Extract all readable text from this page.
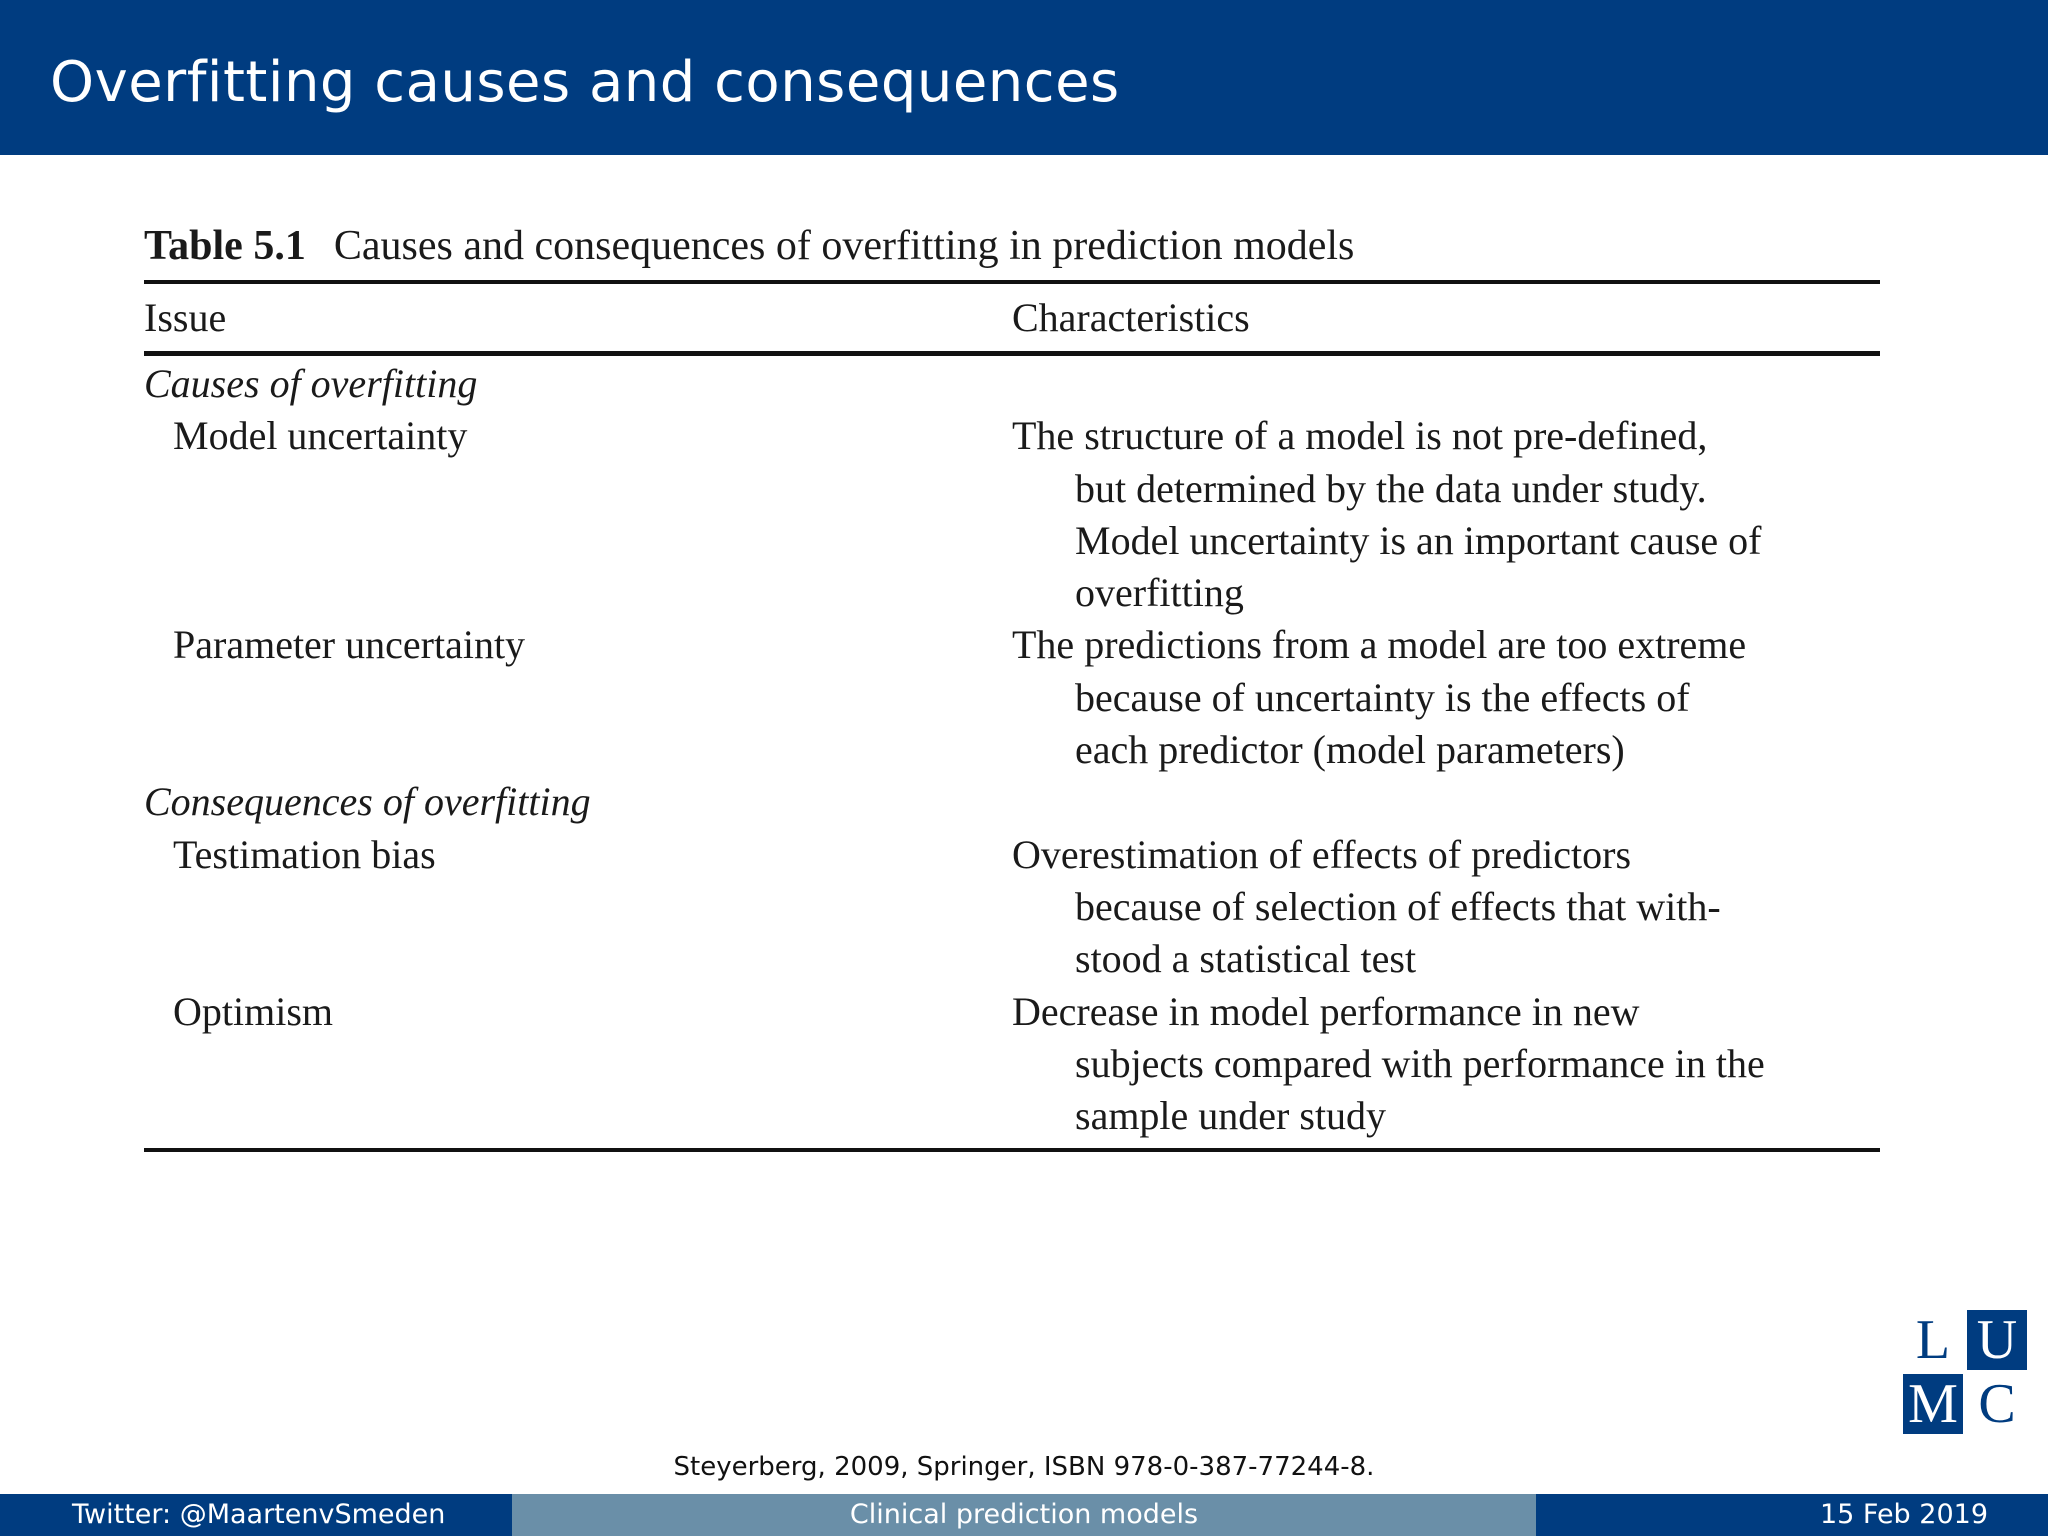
Overfitting causes and consequences
Table 5.1 Causes and consequences of overfitting in prediction models
Issue	Characteristics
Causes of overfitting
Model uncertainty	The structure of a model is not pre-defined,
but determined by the data under study.
Model uncertainty is an important cause of
overfitting
Parameter uncertainty	The predictions from a model are too extreme
because of uncertainty is the effects of
each predictor (model parameters)
Consequences of overfitting
Testimation bias	Overestimation of effects of predictors
because of selection of effects that with-
stood a statistical test
Optimism	Decrease in model performance in new
subjects compared with performance in the
sample under study
L U
M C
Steyerberg, 2009, Springer, ISBN 978-0-387-77244-8.
Twitter: @MaartenvSmeden	Clinical prediction models	15 Feb 2019
